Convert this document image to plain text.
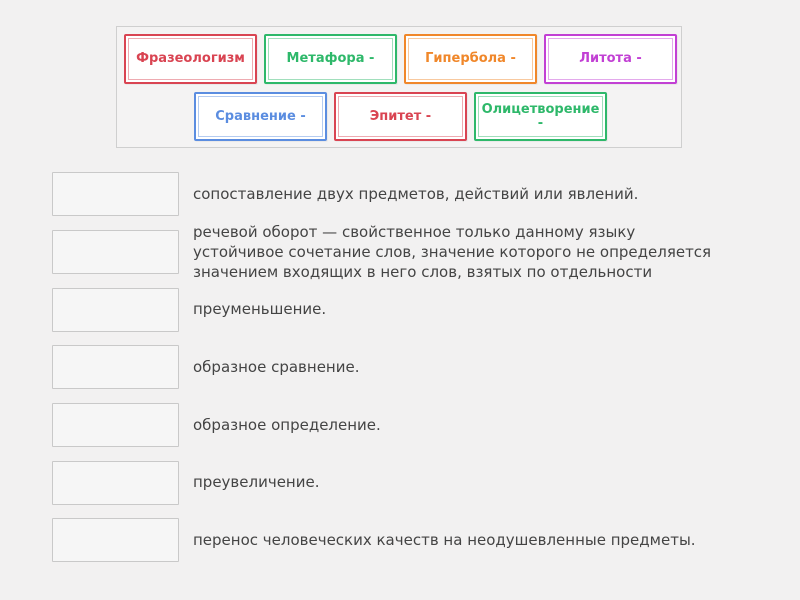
Фразеологизм	Метафора -	Гипербола -	Литота -
Сравнение -	Эпитет -	Олицетворение -
сопоставление двух предметов, действий или явлений.
речевой оборот — свойственное только данному языку
устойчивое сочетание слов, значение которого не определяется
значением входящих в него слов, взятых по отдельности
преуменьшение.
образное сравнение.
образное определение.
преувеличение.
перенос человеческих качеств на неодушевленные предметы.
